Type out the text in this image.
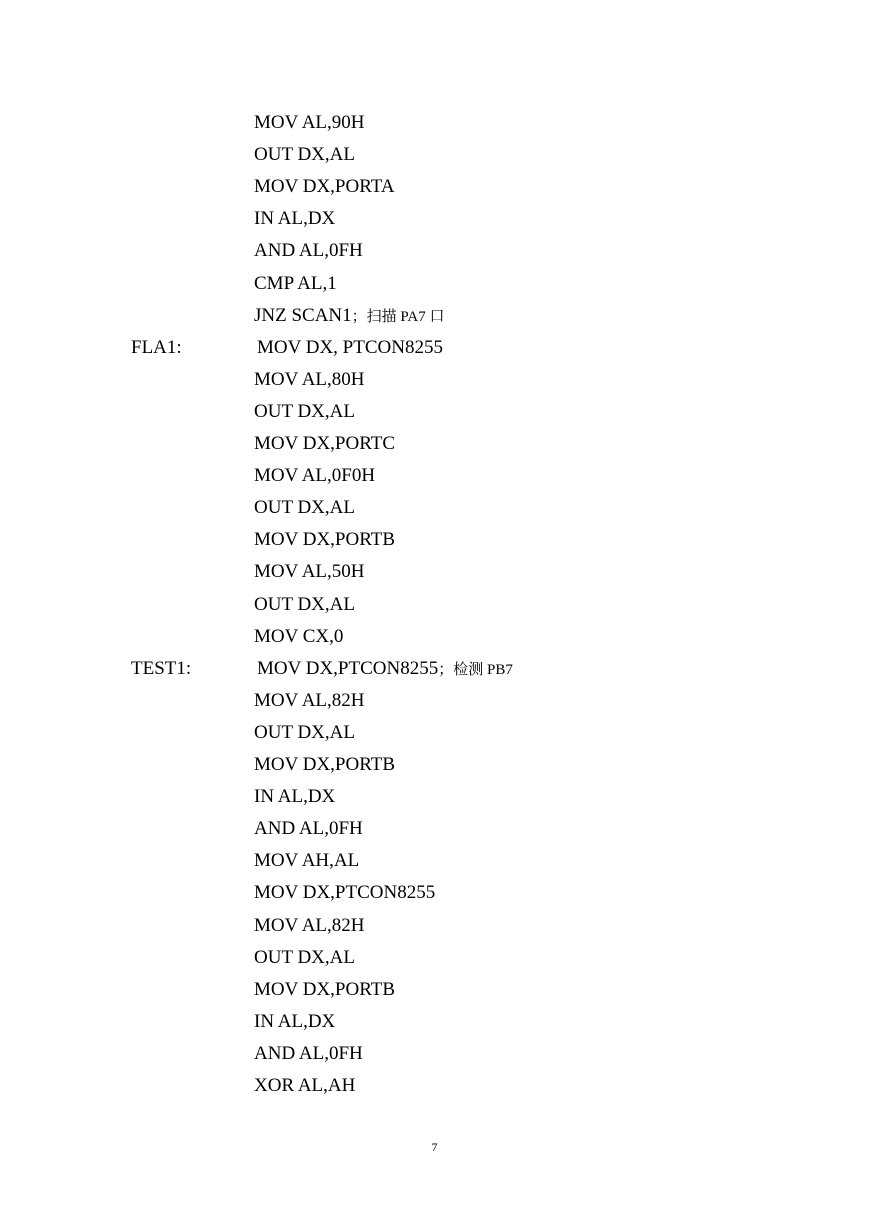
MOV AL,90H
OUT DX,AL
MOV DX,PORTA
IN AL,DX
AND AL,0FH
CMP AL,1
JNZ SCAN1；扫描 PA7 口
FLA1:	MOV DX, PTCON8255
MOV AL,80H
OUT DX,AL
MOV DX,PORTC
MOV AL,0F0H
OUT DX,AL
MOV DX,PORTB
MOV AL,50H
OUT DX,AL
MOV CX,0
TEST1:	MOV DX,PTCON8255；检测 PB7
MOV AL,82H
OUT DX,AL
MOV DX,PORTB
IN AL,DX
AND AL,0FH
MOV AH,AL
MOV DX,PTCON8255
MOV AL,82H
OUT DX,AL
MOV DX,PORTB
IN AL,DX
AND AL,0FH
XOR AL,AH
7
